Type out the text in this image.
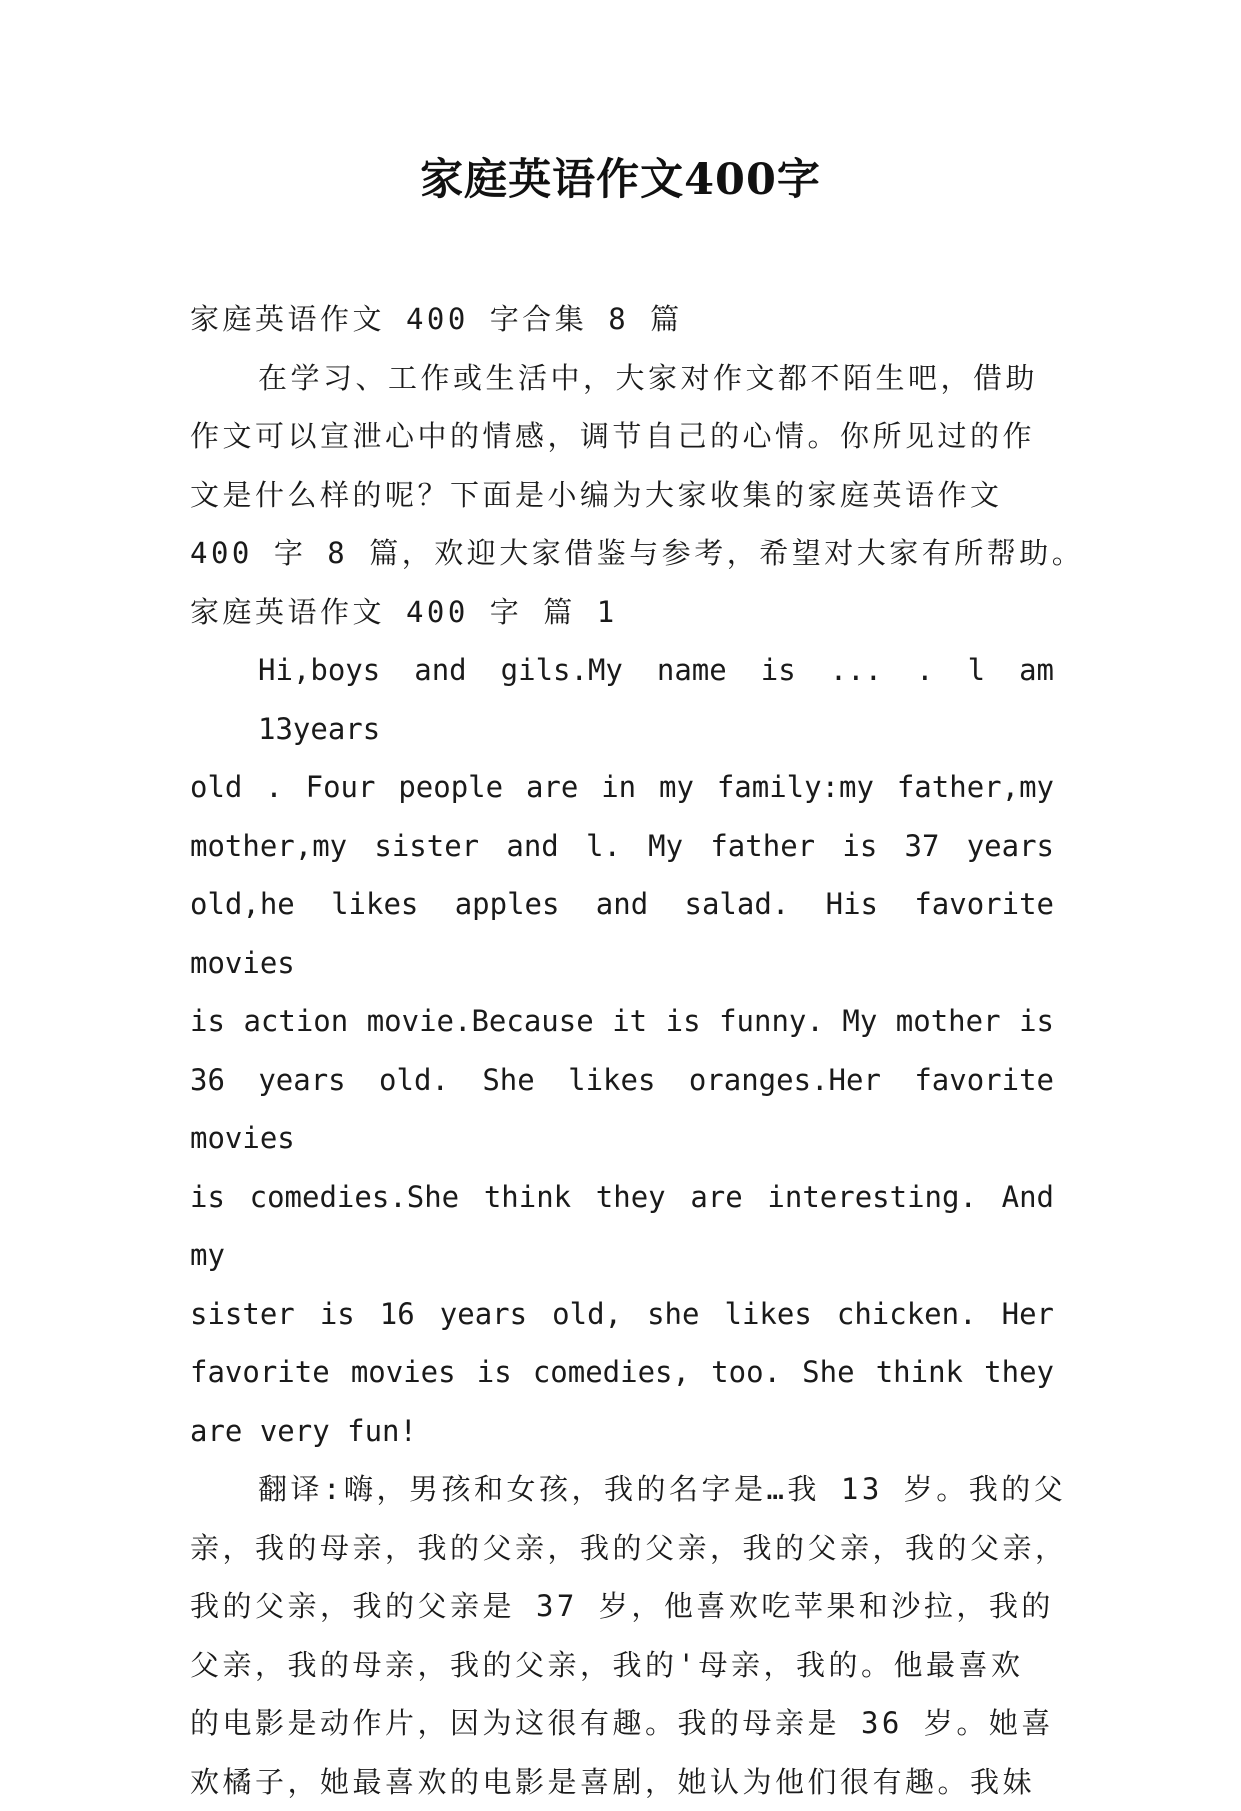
家庭英语作文400字

家庭英语作文 400 字合集 8 篇

在学习、工作或生活中，大家对作文都不陌生吧，借助

作文可以宣泄心中的情感，调节自己的心情。你所见过的作

文是什么样的呢？下面是小编为大家收集的家庭英语作文

400 字 8 篇，欢迎大家借鉴与参考，希望对大家有所帮助。

家庭英语作文 400 字 篇 1

Hi,boys and gils.My name is ... . l am 13years
old . Four people are in my family:my father,my
mother,my sister and l. My father is 37 years
old,he likes apples and salad. His favorite movies
is action movie.Because it is funny. My mother is
36 years old. She likes oranges.Her favorite movies
is comedies.She think they are interesting. And my
sister is 16 years old, she likes chicken. Her
favorite movies is comedies, too. She think they
are very fun!

翻译:嗨，男孩和女孩，我的名字是…我 13 岁。我的父

亲，我的母亲，我的父亲，我的父亲，我的父亲，我的父亲，

我的父亲，我的父亲是 37 岁，他喜欢吃苹果和沙拉，我的

父亲，我的母亲，我的父亲，我的'母亲，我的。他最喜欢

的电影是动作片，因为这很有趣。我的母亲是 36 岁。她喜

欢橘子，她最喜欢的电影是喜剧，她认为他们很有趣。我妹
